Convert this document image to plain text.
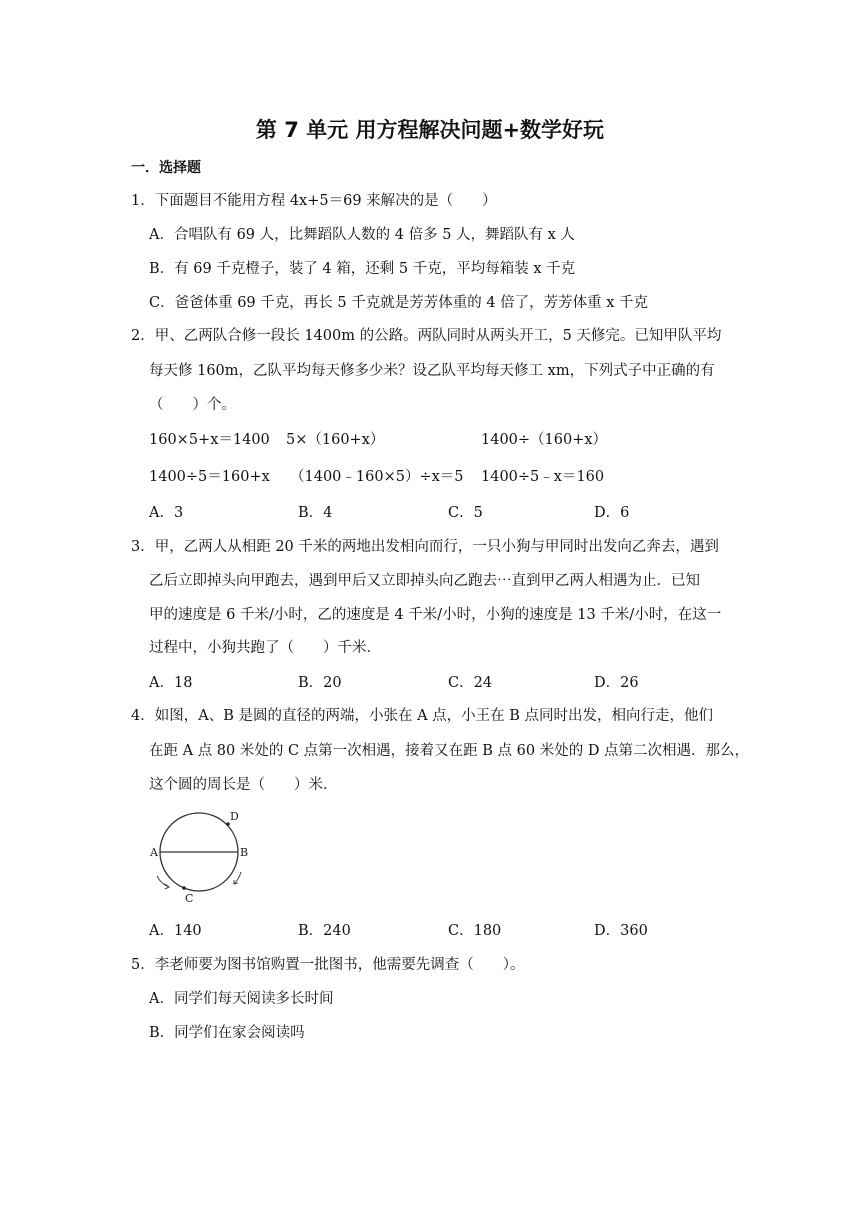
第 7 单元 用方程解决问题+数学好玩
一．选择题
1．下面题目不能用方程 4x+5＝69 来解决的是（　　）
A．合唱队有 69 人，比舞蹈队人数的 4 倍多 5 人，舞蹈队有 x 人
B．有 69 千克橙子，装了 4 箱，还剩 5 千克，平均每箱装 x 千克
C．爸爸体重 69 千克，再长 5 千克就是芳芳体重的 4 倍了，芳芳体重 x 千克
2．甲、乙两队合修一段长 1400m 的公路。两队同时从两头开工，5 天修完。已知甲队平均
每天修 160m，乙队平均每天修多少米？设乙队平均每天修工 xm，下列式子中正确的有
（　　）个。
160×5+x＝1400 5×（160+x）	1400÷（160+x）
1400÷5＝160+x （1400﹣160×5）÷x＝5 1400÷5﹣x＝160
A．3	B．4	C．5	D．6
3．甲，乙两人从相距 20 千米的两地出发相向而行，一只小狗与甲同时出发向乙奔去，遇到
乙后立即掉头向甲跑去，遇到甲后又立即掉头向乙跑去⋯直到甲乙两人相遇为止．已知
甲的速度是 6 千米/小时，乙的速度是 4 千米/小时，小狗的速度是 13 千米/小时，在这一
过程中，小狗共跑了（　　）千米．
A．18	B．20	C．24	D．26
4．如图，A、B 是圆的直径的两端，小张在 A 点，小王在 B 点同时出发，相向行走，他们
在距 A 点 80 米处的 C 点第一次相遇，接着又在距 B 点 60 米处的 D 点第二次相遇．那么，
这个圆的周长是（　　）米．
A	B
C
D
A．140	B．240	C．180	D．360
5．李老师要为图书馆购置一批图书，他需要先调查（　　）。
A．同学们每天阅读多长时间
B．同学们在家会阅读吗
